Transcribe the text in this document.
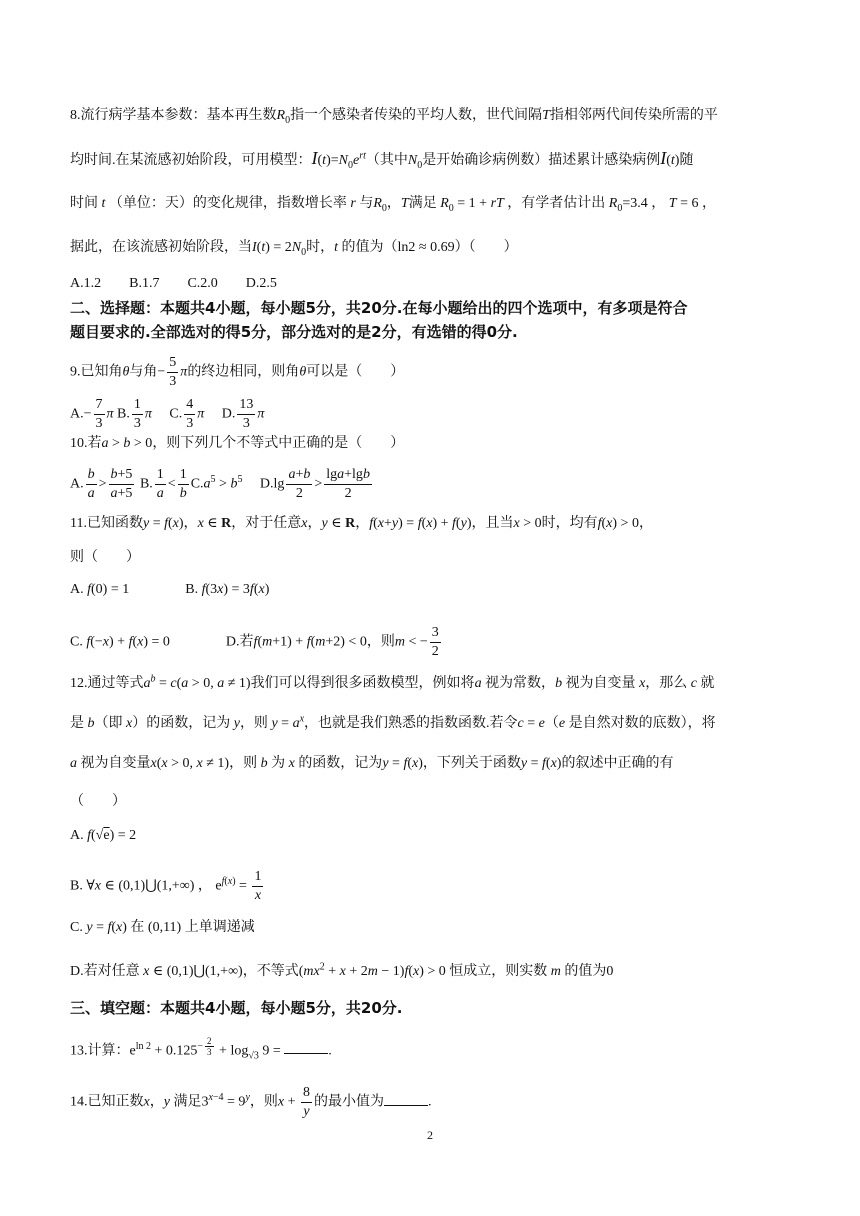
8.流行病学基本参数：基本再生数$R_0$指一个感染者传染的平均人数，世代间隔T指相邻两代间传染所需的平
均时间.在某流感初始阶段，可用模型：$I(t)=N_0e^{rt}$（其中$N_0$是开始确诊病例数）描述累计感染病例I(t)随
时间 t （单位：天）的变化规律，指数增长率 r 与$R_0$，T满足 $R_0 = 1$ + rT ，有学者估计出 $R_0=3.4$ ， T = 6 ，
据此，在该流感初始阶段，当$I(t) = 2N_0$时，t 的值为（ln2 ≈ 0.69）（　　）
A.1.2　　B.1.7　　C.2.0　　D.2.5
二、选择题：本题共4小题，每小题5分，共20分.在每小题给出的四个选项中，有多项是符合
题目要求的.全部选对的得5分，部分选对的是2分，有选错的得0分.
9.已知角θ与角− $\frac{5}{3}$ π的终边相同，则角θ可以是（　　）
$A.- \frac{7}{3}$ π B. $\frac{1}{3}$ π　 C. $\frac{4}{3}$ π　 D. $\frac{13}{3}$ π
10.若a > b > 0，则下列几个不等式中正确的是（　　）
A. $\frac{b}{a} > \frac{b+5}{a+5} B$. $\frac{1}{a} < \frac{1}{b} C.a^5 > b^5$　 $D.\lg \frac{a+b}{2} > \frac{\lg a+\lg b}{2}$
11.已知函数y = f(x)，x ∈ R，对于任意x，y ∈ R，f(x+y) = f(x) + f(y)，且当x > 0时，均有f(x) > 0，
则（　　）
A. f(0) = 1　　　　B. f(3x) = 3f(x)
C. f(−x) + f(x) = 0　　　　D.若f(m+1) + f(m+2) < 0，则m < − $\frac{3}{2}$
12.通过等式$a^b = c(a > 0$, a ≠ 1)我们可以得到很多函数模型，例如将a 视为常数，b 视为自变量 x，那么 c 就
是 b（即 x）的函数，记为 y，则 $y = a^x$，也就是我们熟悉的指数函数.若令c = e（e 是自然对数的底数），将
a 视为自变量x(x > 0, x ≠ 1)，则 b 为 x 的函数，记为y = f(x)，下列关于函数y = f(x)的叙述中正确的有
（　　）
A. f(√e) = 2
B. ∀x ∈ (0,1)⋃(1,+∞) ， $e^{f(x)} = \frac{1}{x}$
C. y = f(x) 在 (0,11) 上单调递减
D.若对任意 x ∈ (0,1)⋃(1,+∞)，不等式$(mx^2 + x + 2m - 1)f(x) > 0$ 恒成立，则实数 m 的值为0
三、填空题：本题共4小题，每小题5分，共20分.
13.计算：$e^{ln 2} + 0.125^{- \frac{2}{3}} + \log_{√3} 9$ =	.
14.已知正数x，y 满足$3^{x-4} = 9^y$，则$x + \frac{8}{y}$ 的最小值为	.
2
